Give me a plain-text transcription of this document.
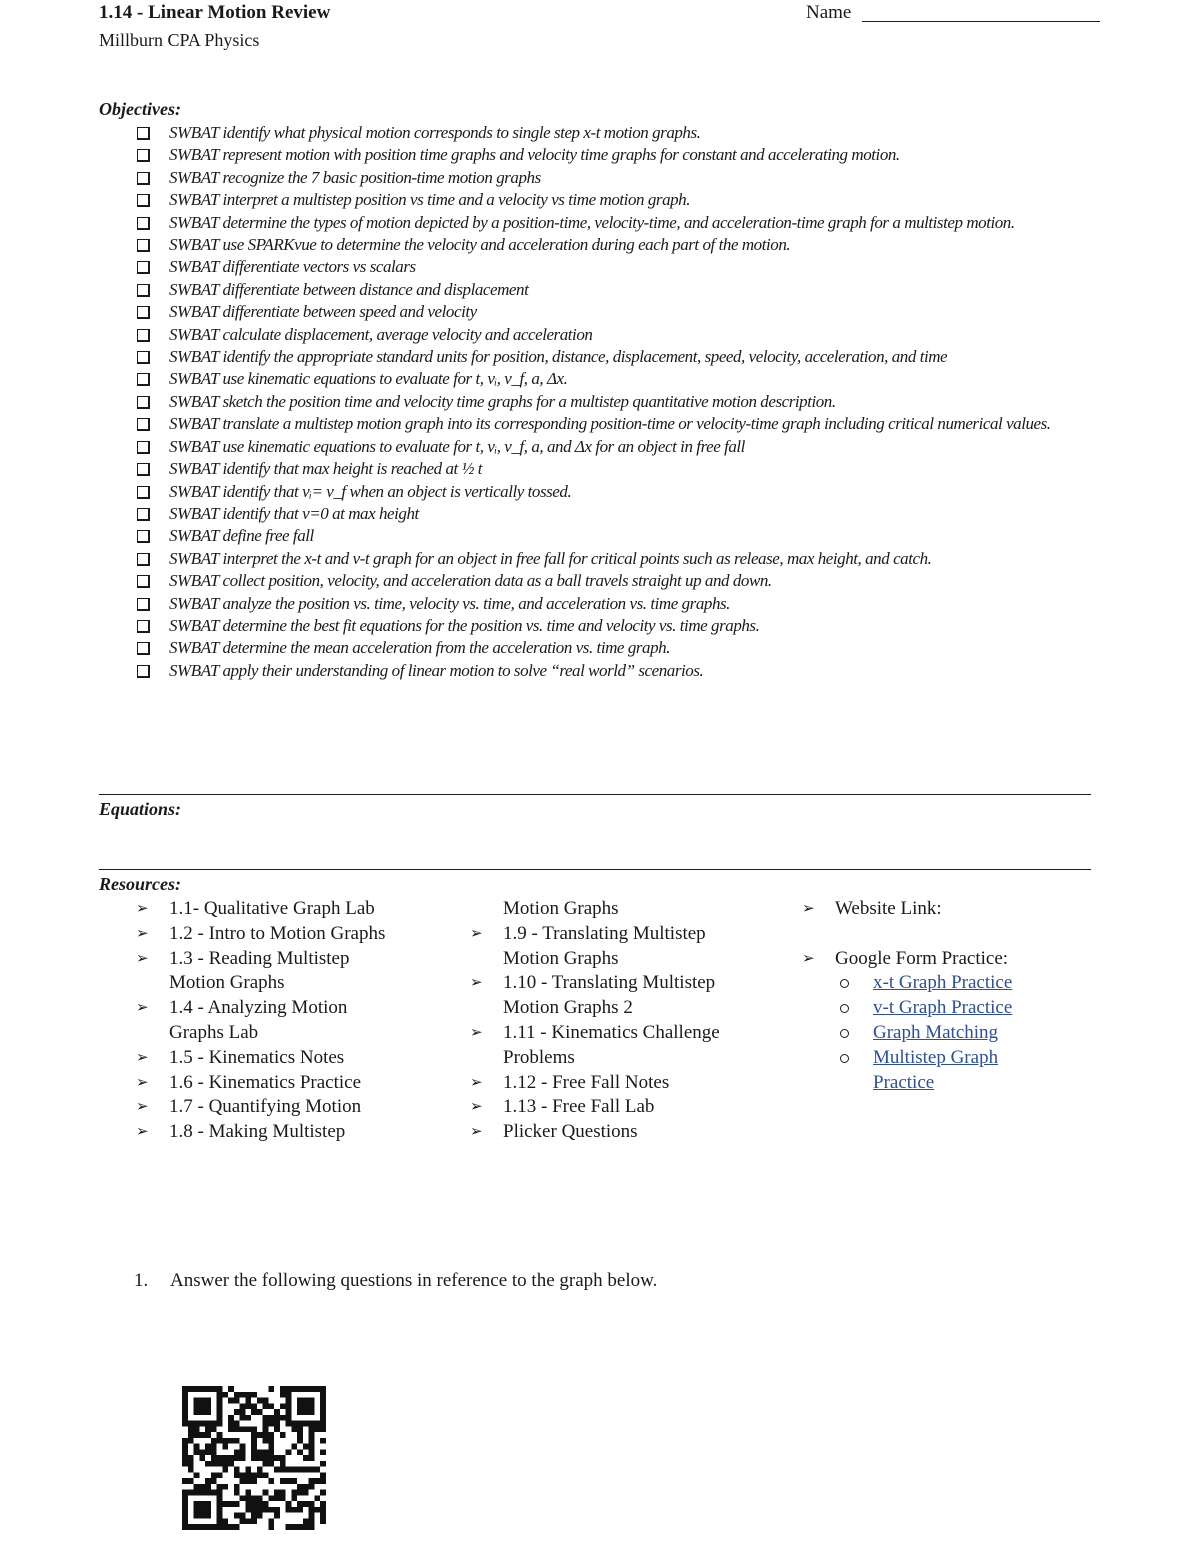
1.14 - Linear Motion Review
Millburn CPA Physics
Name
Objectives:
SWBAT identify what physical motion corresponds to single step x-t motion graphs.
SWBAT represent motion with position time graphs and velocity time graphs for constant and accelerating motion.
SWBAT recognize the 7 basic position-time motion graphs
SWBAT interpret a multistep position vs time and a velocity vs time motion graph.
SWBAT determine the types of motion depicted by a position-time, velocity-time, and acceleration-time graph for a multistep motion.
SWBAT use SPARKvue to determine the velocity and acceleration during each part of the motion.
SWBAT differentiate vectors vs scalars
SWBAT differentiate between distance and displacement
SWBAT differentiate between speed and velocity
SWBAT calculate displacement, average velocity and acceleration
SWBAT identify the appropriate standard units for position, distance, displacement, speed, velocity, acceleration, and time
SWBAT use kinematic equations to evaluate for t, vᵢ, v_f, a, Δx.
SWBAT sketch the position time and velocity time graphs for a multistep quantitative motion description.
SWBAT translate a multistep motion graph into its corresponding position-time or velocity-time graph including critical numerical values.
SWBAT use kinematic equations to evaluate for t, vᵢ, v_f, a, and Δx for an object in free fall
SWBAT identify that max height is reached at ½ t
SWBAT identify that vᵢ= v_f when an object is vertically tossed.
SWBAT identify that v=0 at max height
SWBAT define free fall
SWBAT interpret the x-t and v-t graph for an object in free fall for critical points such as release, max height, and catch.
SWBAT collect position, velocity, and acceleration data as a ball travels straight up and down.
SWBAT analyze the position vs. time, velocity vs. time, and acceleration vs. time graphs.
SWBAT determine the best fit equations for the position vs. time and velocity vs. time graphs.
SWBAT determine the mean acceleration from the acceleration vs. time graph.
SWBAT apply their understanding of linear motion to solve “real world” scenarios.
Equations:
Resources:
➢ 1.1- Qualitative Graph Lab
➢ 1.2 - Intro to Motion Graphs
➢ 1.3 - Reading Multistep
Motion Graphs
➢ 1.4 - Analyzing Motion
Graphs Lab
➢ 1.5 - Kinematics Notes
➢ 1.6 - Kinematics Practice
➢ 1.7 - Quantifying Motion
➢ 1.8 - Making Multistep
Motion Graphs
➢ 1.9 - Translating Multistep
Motion Graphs
➢ 1.10 - Translating Multistep
Motion Graphs 2
➢ 1.11 - Kinematics Challenge
Problems
➢ 1.12 - Free Fall Notes
➢ 1.13 - Free Fall Lab
➢ Plicker Questions
➢ Website Link:
➢ Google Form Practice:
x-t Graph Practice
v-t Graph Practice
Graph Matching
Multistep Graph
Practice
1. Answer the following questions in reference to the graph below.
